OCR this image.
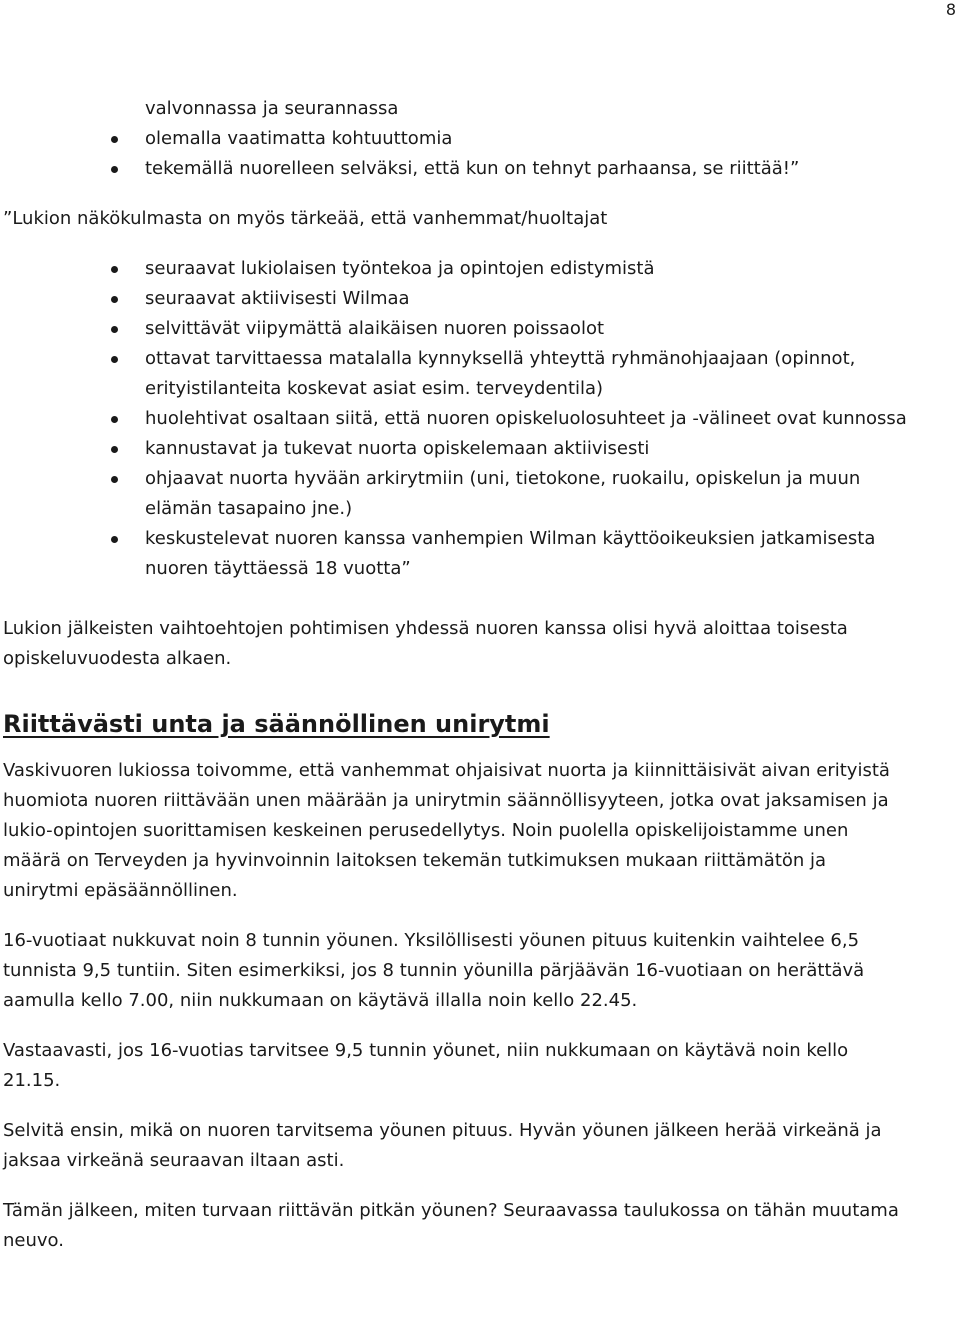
8
valvonnassa ja seurannassa
olemalla vaatimatta kohtuuttomia
tekemällä nuorelleen selväksi, että kun on tehnyt parhaansa, se riittää!”

”Lukion näkökulmasta on myös tärkeää, että vanhemmat/huoltajat

seuraavat lukiolaisen työntekoa ja opintojen edistymistä
seuraavat aktiivisesti Wilmaa
selvittävät viipymättä alaikäisen nuoren poissaolot
ottavat tarvittaessa matalalla kynnyksellä yhteyttä ryhmänohjaajaan (opinnot,
erityistilanteita koskevat asiat esim. terveydentila)
huolehtivat osaltaan siitä, että nuoren opiskeluolosuhteet ja -välineet ovat kunnossa
kannustavat ja tukevat nuorta opiskelemaan aktiivisesti
ohjaavat nuorta hyvään arkirytmiin (uni, tietokone, ruokailu, opiskelun ja muun
elämän tasapaino jne.)
keskustelevat nuoren kanssa vanhempien Wilman käyttöoikeuksien jatkamisesta
nuoren täyttäessä 18 vuotta”

Lukion jälkeisten vaihtoehtojen pohtimisen yhdessä nuoren kanssa olisi hyvä aloittaa toisesta
opiskeluvuodesta alkaen.

Riittävästi unta ja säännöllinen unirytmi

Vaskivuoren lukiossa toivomme, että vanhemmat ohjaisivat nuorta ja kiinnittäisivät aivan erityistä
huomiota nuoren riittävään unen määrään ja unirytmin säännöllisyyteen, jotka ovat jaksamisen ja
lukio-opintojen suorittamisen keskeinen perusedellytys. Noin puolella opiskelijoistamme unen
määrä on Terveyden ja hyvinvoinnin laitoksen tekemän tutkimuksen mukaan riittämätön ja
unirytmi epäsäännöllinen.

16-vuotiaat nukkuvat noin 8 tunnin yöunen. Yksilöllisesti yöunen pituus kuitenkin vaihtelee 6,5
tunnista 9,5 tuntiin. Siten esimerkiksi, jos 8 tunnin yöunilla pärjäävän 16-vuotiaan on herättävä
aamulla kello 7.00, niin nukkumaan on käytävä illalla noin kello 22.45.

Vastaavasti, jos 16-vuotias tarvitsee 9,5 tunnin yöunet, niin nukkumaan on käytävä noin kello
21.15.

Selvitä ensin, mikä on nuoren tarvitsema yöunen pituus. Hyvän yöunen jälkeen herää virkeänä ja
jaksaa virkeänä seuraavan iltaan asti.

Tämän jälkeen, miten turvaan riittävän pitkän yöunen? Seuraavassa taulukossa on tähän muutama
neuvo.
